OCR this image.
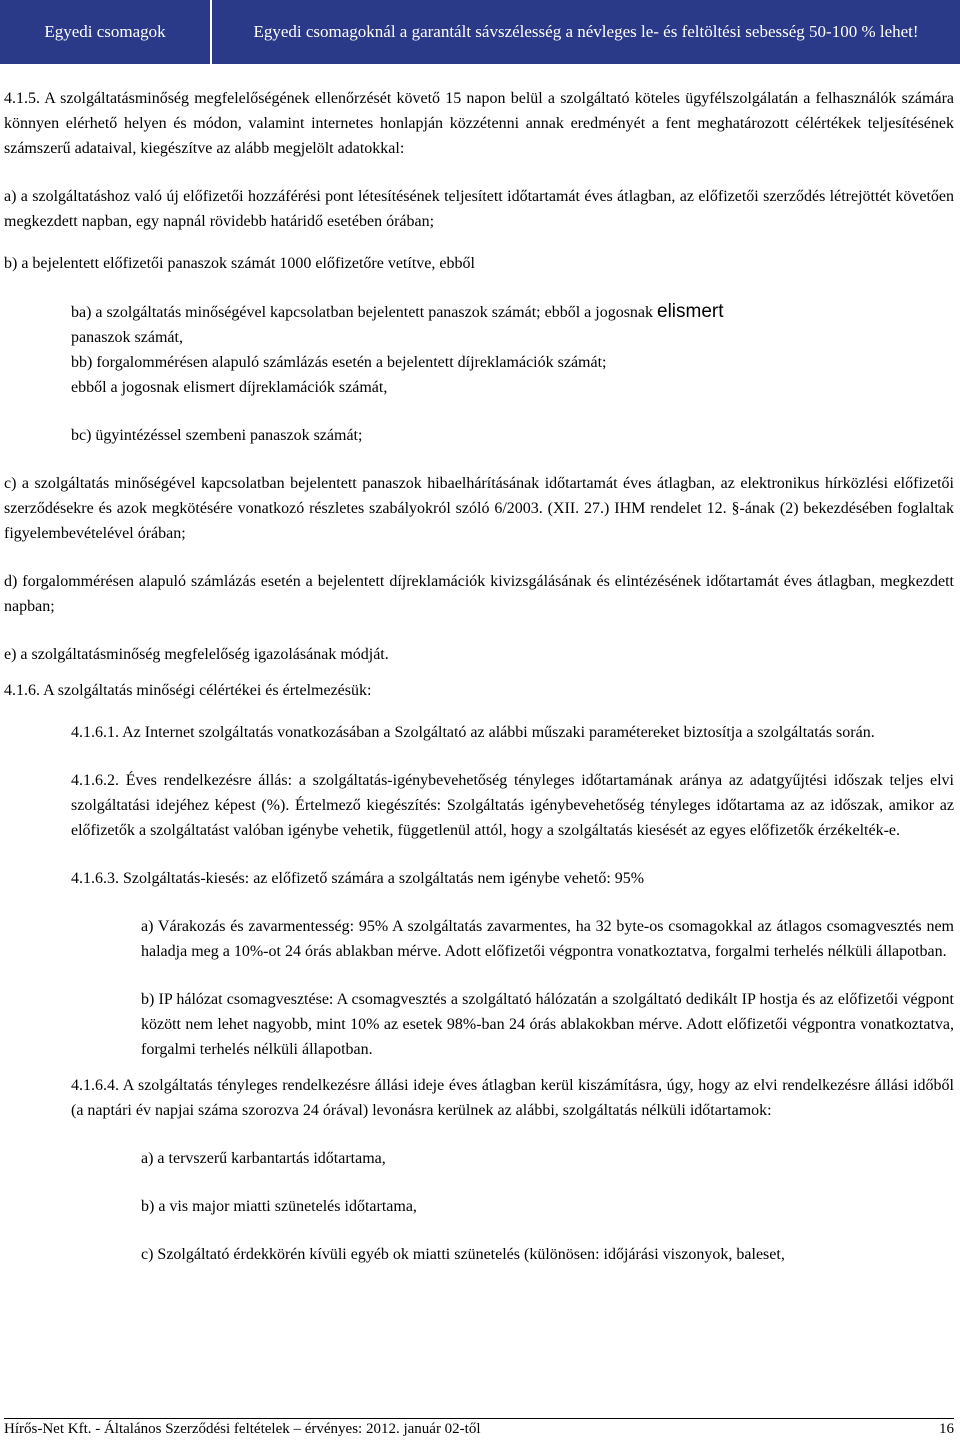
Egyedi csomagok	Egyedi csomagoknál a garantált sávszélesség a névleges le- és feltöltési sebesség 50-100 % lehet!

4.1.5. A szolgáltatásminőség megfelelőségének ellenőrzését követő 15 napon belül a szolgáltató köteles ügyfélszolgálatán a felhasználók számára könnyen elérhető helyen és módon, valamint internetes honlapján közzétenni annak eredményét a fent meghatározott célértékek teljesítésének számszerű adataival, kiegészítve az alább megjelölt adatokkal:

a) a szolgáltatáshoz való új előfizetői hozzáférési pont létesítésének teljesített időtartamát éves átlagban, az előfizetői szerződés létrejöttét követően megkezdett napban, egy napnál rövidebb határidő esetében órában;

b) a bejelentett előfizetői panaszok számát 1000 előfizetőre vetítve, ebből

ba) a szolgáltatás minőségével kapcsolatban bejelentett panaszok számát; ebből a jogosnak elismert

panaszok számát,

bb) forgalommérésen alapuló számlázás esetén a bejelentett díjreklamációk számát;

ebből a jogosnak elismert díjreklamációk számát,

bc) ügyintézéssel szembeni panaszok számát;

c) a szolgáltatás minőségével kapcsolatban bejelentett panaszok hibaelhárításának időtartamát éves átlagban, az elektronikus hírközlési előfizetői szerződésekre és azok megkötésére vonatkozó részletes szabályokról szóló 6/2003. (XII. 27.) IHM rendelet 12. §-ának (2) bekezdésében foglaltak figyelembevételével órában;

d) forgalommérésen alapuló számlázás esetén a bejelentett díjreklamációk kivizsgálásának és elintézésének időtartamát éves átlagban, megkezdett napban;

e) a szolgáltatásminőség megfelelőség igazolásának módját.

4.1.6. A szolgáltatás minőségi célértékei és értelmezésük:

4.1.6.1. Az Internet szolgáltatás vonatkozásában a Szolgáltató az alábbi műszaki paramétereket biztosítja a szolgáltatás során.

4.1.6.2. Éves rendelkezésre állás: a szolgáltatás-igénybevehetőség tényleges időtartamának aránya az adatgyűjtési időszak teljes elvi szolgáltatási idejéhez képest (%). Értelmező kiegészítés: Szolgáltatás igénybevehetőség tényleges időtartama az az időszak, amikor az előfizetők a szolgáltatást valóban igénybe vehetik, függetlenül attól, hogy a szolgáltatás kiesését az egyes előfizetők érzékelték-e.

4.1.6.3. Szolgáltatás-kiesés: az előfizető számára a szolgáltatás nem igénybe vehető: 95%

a) Várakozás és zavarmentesség: 95% A szolgáltatás zavarmentes, ha 32 byte-os csomagokkal az átlagos csomagvesztés nem haladja meg a 10%-ot 24 órás ablakban mérve. Adott előfizetői végpontra vonatkoztatva, forgalmi terhelés nélküli állapotban.

b) IP hálózat csomagvesztése: A csomagvesztés a szolgáltató hálózatán a szolgáltató dedikált IP hostja és az előfizetői végpont között nem lehet nagyobb, mint 10% az esetek 98%-ban 24 órás ablakokban mérve. Adott előfizetői végpontra vonatkoztatva, forgalmi terhelés nélküli állapotban.

4.1.6.4. A szolgáltatás tényleges rendelkezésre állási ideje éves átlagban kerül kiszámításra, úgy, hogy az elvi rendelkezésre állási időből (a naptári év napjai száma szorozva 24 órával) levonásra kerülnek az alábbi, szolgáltatás nélküli időtartamok:

a) a tervszerű karbantartás időtartama,

b) a vis major miatti szünetelés időtartama,

c) Szolgáltató érdekkörén kívüli egyéb ok miatti szünetelés (különösen: időjárási viszonyok, baleset,

Hírős-Net Kft. - Általános Szerződési feltételek – érvényes: 2012. január 02-től	16
